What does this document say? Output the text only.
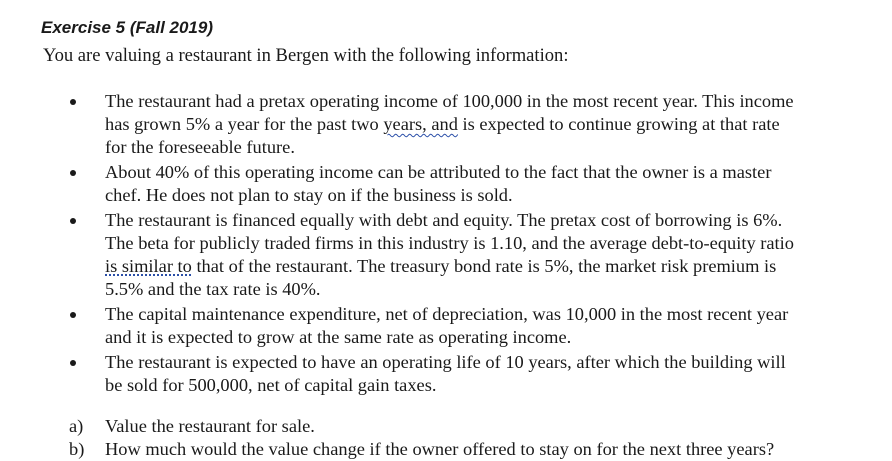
Exercise 5 (Fall 2019)

You are valuing a restaurant in Bergen with the following information:

The restaurant had a pretax operating income of 100,000 in the most recent year. This income
has grown 5% a year for the past two years, and is expected to continue growing at that rate
for the foreseeable future.
About 40% of this operating income can be attributed to the fact that the owner is a master
chef. He does not plan to stay on if the business is sold.
The restaurant is financed equally with debt and equity. The pretax cost of borrowing is 6%.
The beta for publicly traded firms in this industry is 1.10, and the average debt-to-equity ratio
is similar to that of the restaurant. The treasury bond rate is 5%, the market risk premium is
5.5% and the tax rate is 40%.
The capital maintenance expenditure, net of depreciation, was 10,000 in the most recent year
and it is expected to grow at the same rate as operating income.
The restaurant is expected to have an operating life of 10 years, after which the building will
be sold for 500,000, net of capital gain taxes.
a) Value the restaurant for sale.
b) How much would the value change if the owner offered to stay on for the next three years?
